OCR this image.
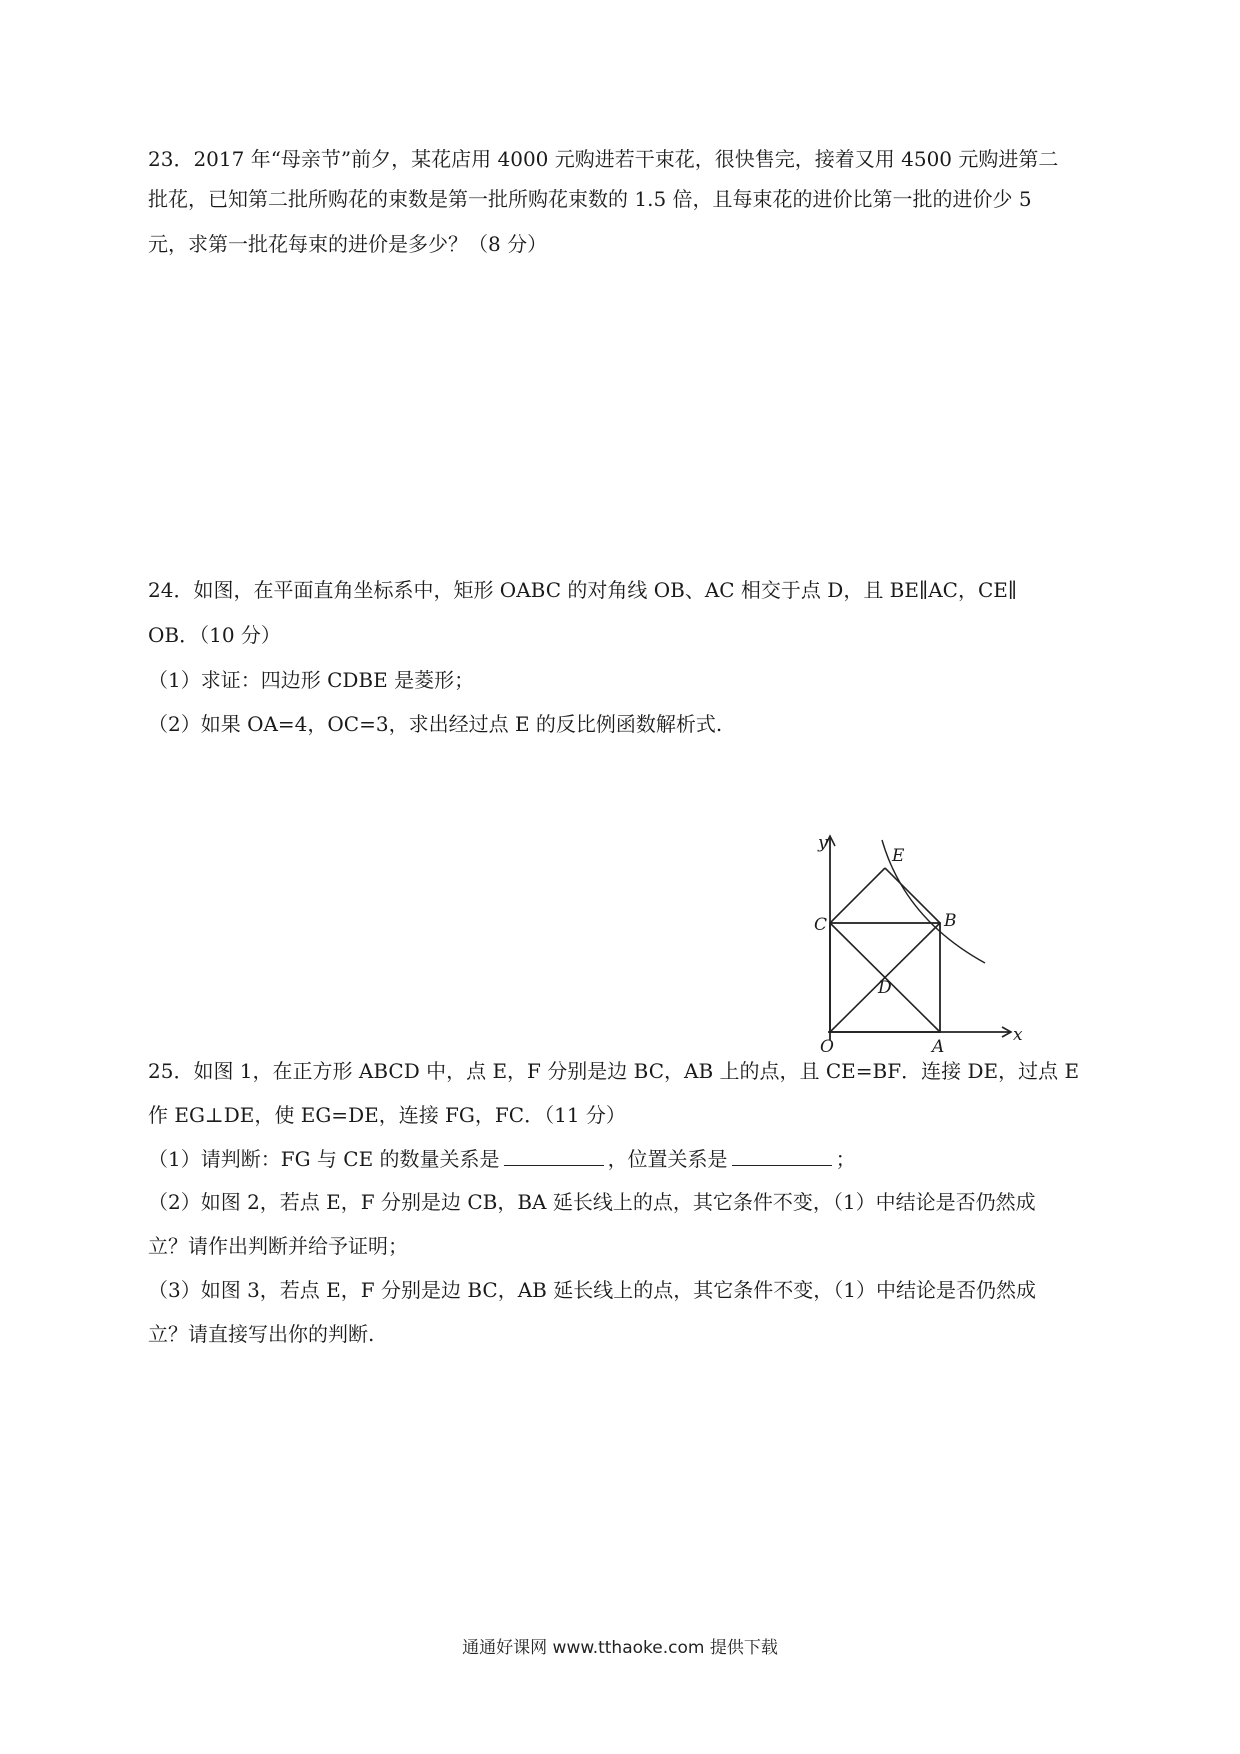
23．2017 年“母亲节”前夕，某花店用 4000 元购进若干束花，很快售完，接着又用 4500 元购进第二
批花，已知第二批所购花的束数是第一批所购花束数的 1.5 倍，且每束花的进价比第一批的进价少 5
元，求第一批花每束的进价是多少？（8 分）
24．如图，在平面直角坐标系中，矩形 OABC 的对角线 OB、AC 相交于点 D，且 BE∥AC，CE∥
OB．（10 分）
（1）求证：四边形 CDBE 是菱形；
（2）如果 OA=4，OC=3，求出经过点 E 的反比例函数解析式.
y
x
O	A
B
C
D
E
25．如图 1，在正方形 ABCD 中，点 E，F 分别是边 BC，AB 上的点，且 CE=BF．连接 DE，过点 E
作 EG⊥DE，使 EG=DE，连接 FG，FC．（11 分）
（1）请判断：FG 与 CE 的数量关系是	，位置关系是	；
（2）如图 2，若点 E，F 分别是边 CB，BA 延长线上的点，其它条件不变，（1）中结论是否仍然成
立？请作出判断并给予证明；
（3）如图 3，若点 E，F 分别是边 BC，AB 延长线上的点，其它条件不变，（1）中结论是否仍然成
立？请直接写出你的判断.
通通好课网 www.tthaoke.com 提供下载
